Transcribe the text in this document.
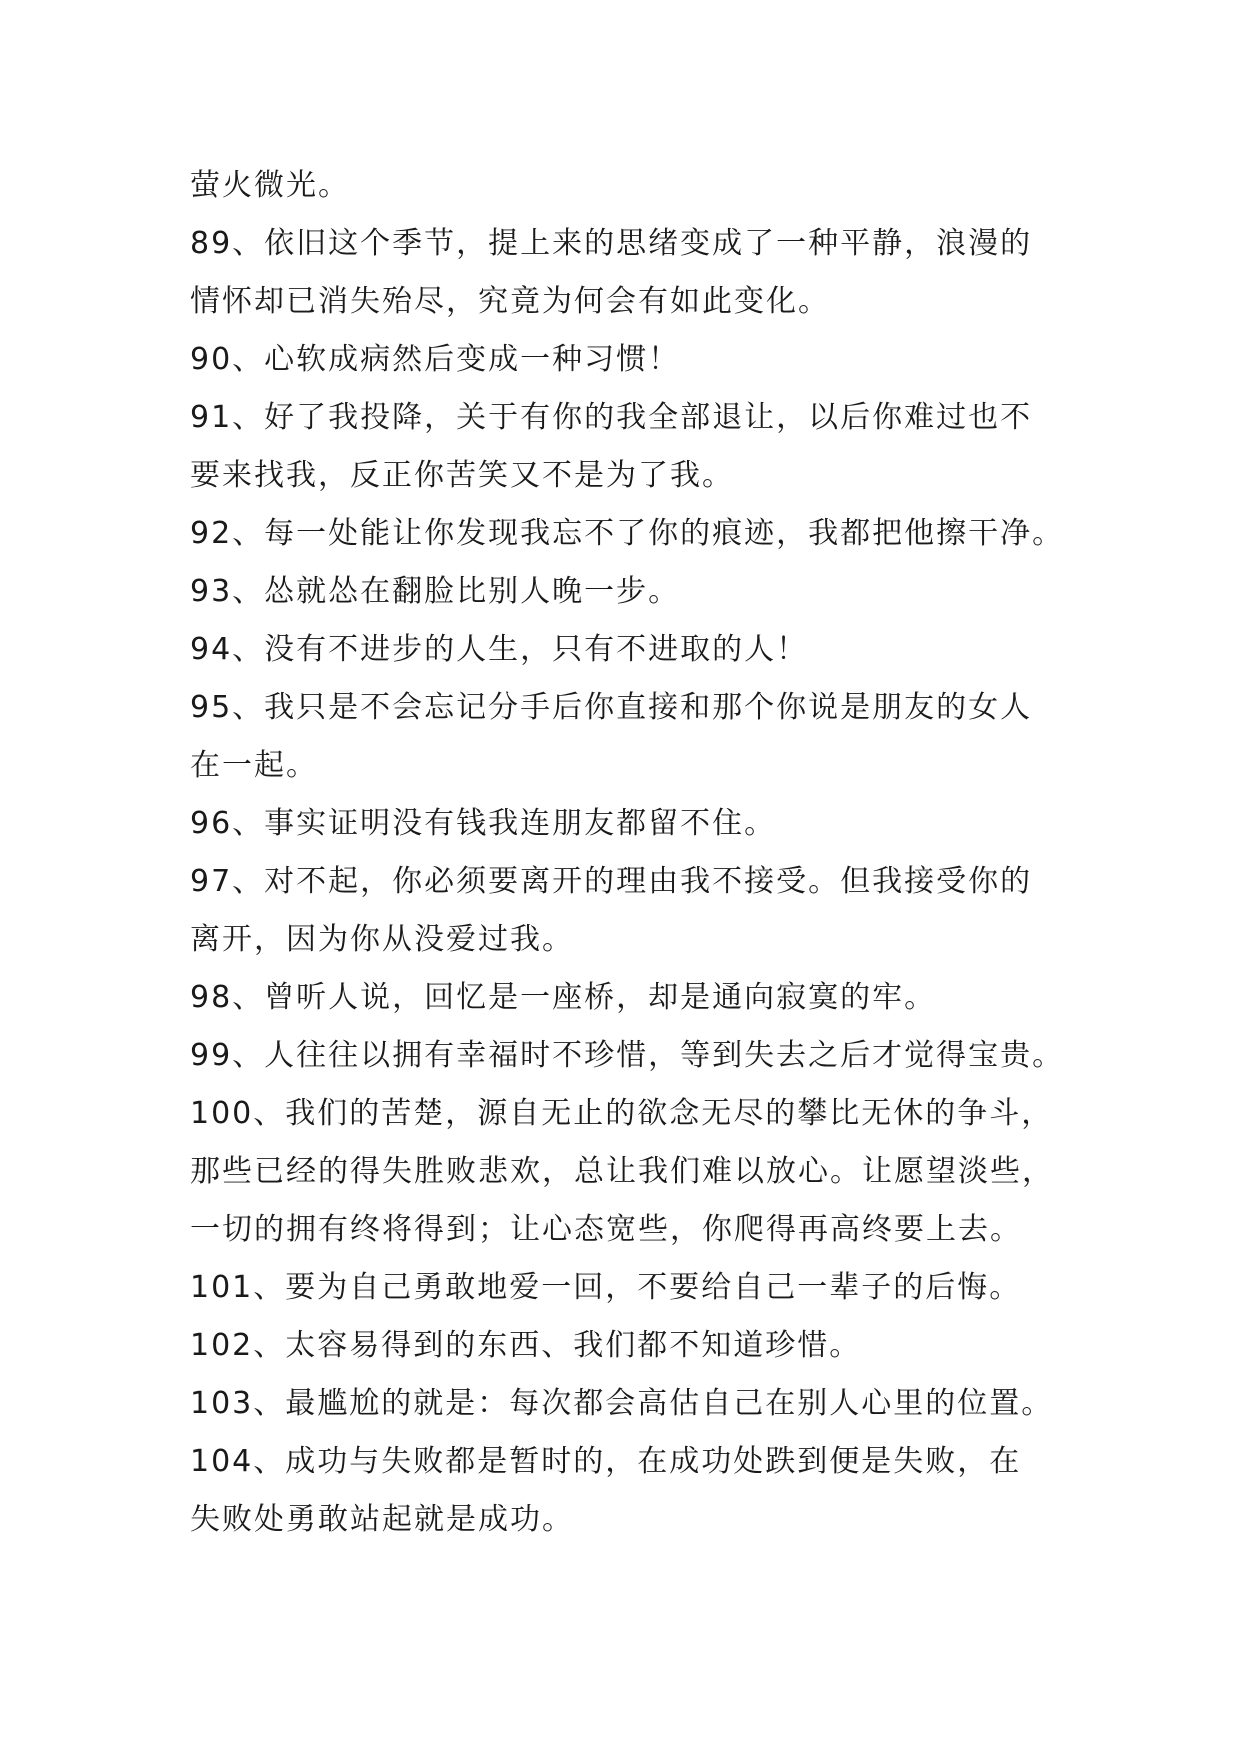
萤火微光。
89、依旧这个季节，提上来的思绪变成了一种平静，浪漫的
情怀却已消失殆尽，究竟为何会有如此变化。
90、心软成病然后变成一种习惯！
91、好了我投降，关于有你的我全部退让，以后你难过也不
要来找我，反正你苦笑又不是为了我。
92、每一处能让你发现我忘不了你的痕迹，我都把他擦干净。
93、怂就怂在翻脸比别人晚一步。
94、没有不进步的人生，只有不进取的人！
95、我只是不会忘记分手后你直接和那个你说是朋友的女人
在一起。
96、事实证明没有钱我连朋友都留不住。
97、对不起，你必须要离开的理由我不接受。但我接受你的
离开，因为你从没爱过我。
98、曾听人说，回忆是一座桥，却是通向寂寞的牢。
99、人往往以拥有幸福时不珍惜，等到失去之后才觉得宝贵。
100、我们的苦楚，源自无止的欲念无尽的攀比无休的争斗，
那些已经的得失胜败悲欢，总让我们难以放心。让愿望淡些，
一切的拥有终将得到；让心态宽些，你爬得再高终要上去。
101、要为自己勇敢地爱一回，不要给自己一辈子的后悔。
102、太容易得到的东西、我们都不知道珍惜。
103、最尴尬的就是：每次都会高估自己在别人心里的位置。
104、成功与失败都是暂时的，在成功处跌到便是失败，在
失败处勇敢站起就是成功。
